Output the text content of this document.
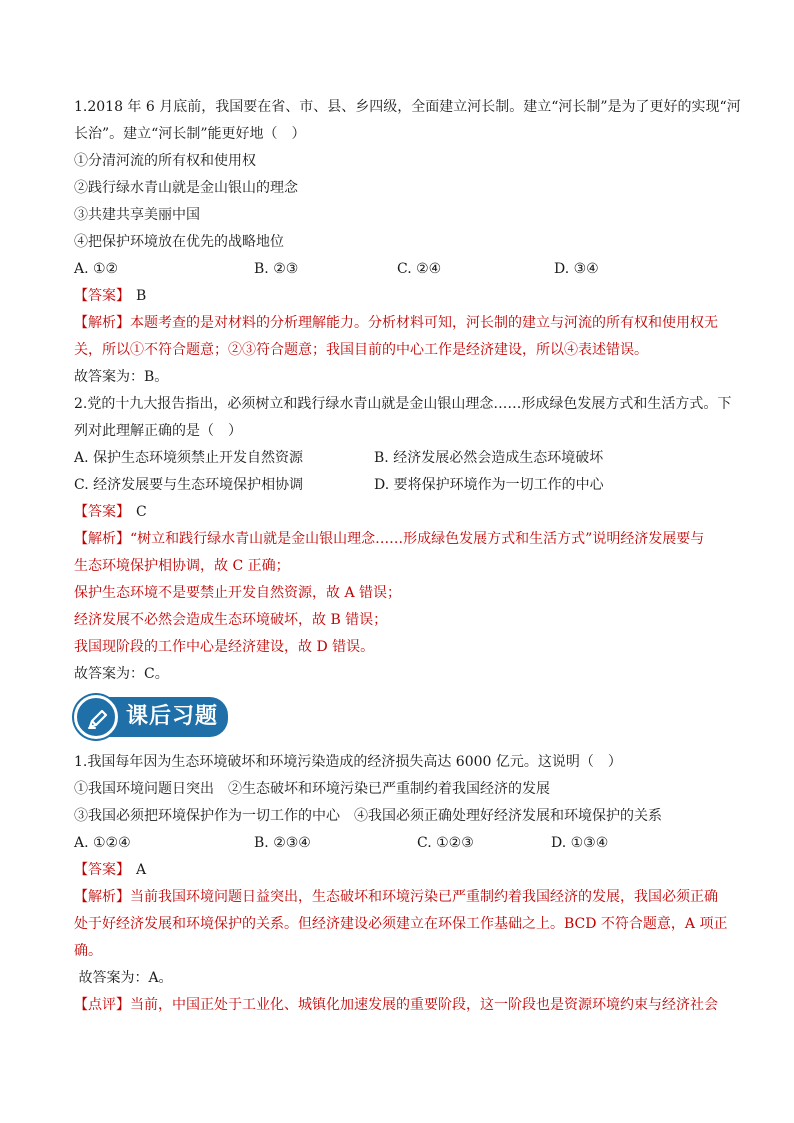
1.2018 年 6 月底前，我国要在省、市、县、乡四级，全面建立河长制。建立“河长制”是为了更好的实现“河
长治”。建立“河长制”能更好地（　）
①分清河流的所有权和使用权
②践行绿水青山就是金山银山的理念
③共建共享美丽中国
④把保护环境放在优先的战略地位
A. ①②	B. ②③	C. ②④	D. ③④
【答案】 B
【解析】本题考查的是对材料的分析理解能力。分析材料可知，河长制的建立与河流的所有权和使用权无
关，所以①不符合题意；②③符合题意；我国目前的中心工作是经济建设，所以④表述错误。
故答案为：B。
2.党的十九大报告指出，必须树立和践行绿水青山就是金山银山理念……形成绿色发展方式和生活方式。下
列对此理解正确的是（　）
A. 保护生态环境须禁止开发自然资源	B. 经济发展必然会造成生态环境破坏
C. 经济发展要与生态环境保护相协调	D. 要将保护环境作为一切工作的中心
【答案】 C
【解析】“树立和践行绿水青山就是金山银山理念……形成绿色发展方式和生活方式”说明经济发展要与
生态环境保护相协调，故 C 正确；
保护生态环境不是要禁止开发自然资源，故 A 错误；
经济发展不必然会造成生态环境破坏，故 B 错误；
我国现阶段的工作中心是经济建设，故 D 错误。
故答案为：C。
课后习题
1.我国每年因为生态环境破坏和环境污染造成的经济损失高达 6000 亿元。这说明（　）
①我国环境问题日突出　②生态破坏和环境污染已严重制约着我国经济的发展
③我国必须把环境保护作为一切工作的中心　④我国必须正确处理好经济发展和环境保护的关系
A. ①②④	B. ②③④	C. ①②③	D. ①③④
【答案】 A
【解析】当前我国环境问题日益突出，生态破坏和环境污染已严重制约着我国经济的发展，我国必须正确
处于好经济发展和环境保护的关系。但经济建设必须建立在环保工作基础之上。BCD 不符合题意，A 项正
确。
故答案为：A。
【点评】当前，中国正处于工业化、城镇化加速发展的重要阶段，这一阶段也是资源环境约束与经济社会
